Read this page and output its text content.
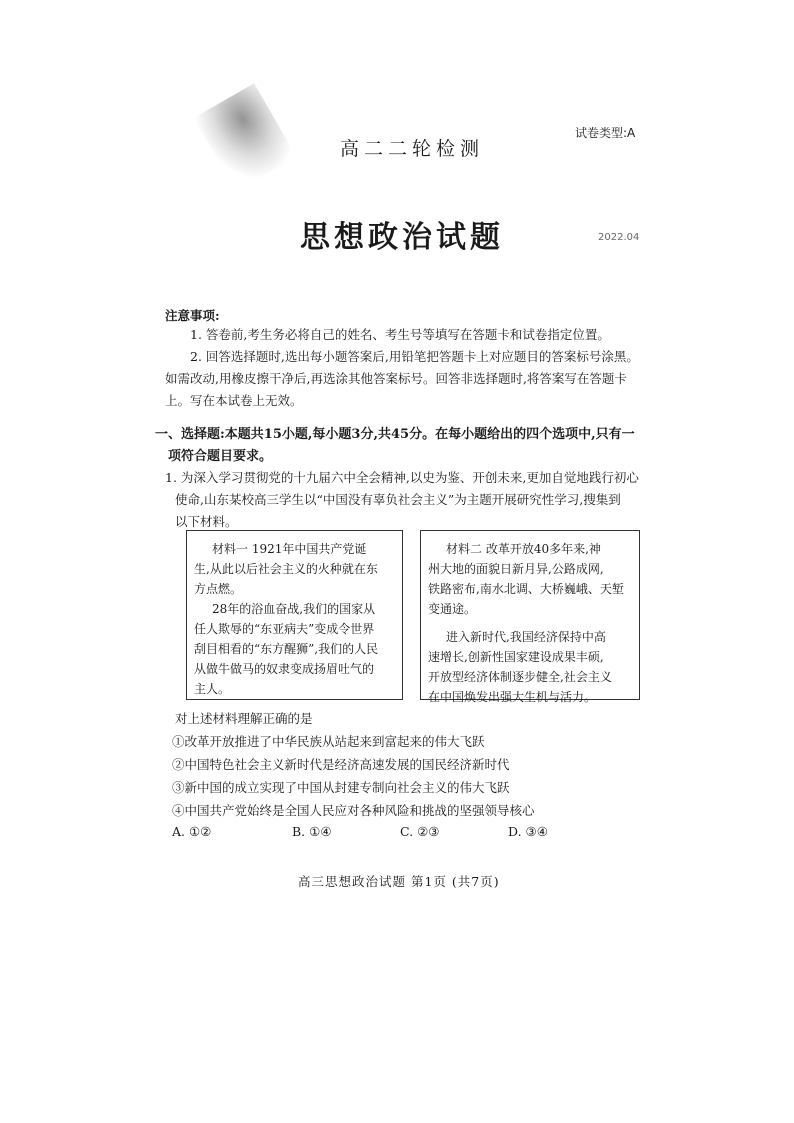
试卷类型:A
高二二轮检测
思想政治试题	2022.04
注意事项:
1. 答卷前,考生务必将自己的姓名、考生号等填写在答题卡和试卷指定位置。
2. 回答选择题时,选出每小题答案后,用铅笔把答题卡上对应题目的答案标号涂黑。
如需改动,用橡皮擦干净后,再选涂其他答案标号。回答非选择题时,将答案写在答题卡
上。写在本试卷上无效。
一、选择题:本题共15小题,每小题3分,共45分。在每小题给出的四个选项中,只有一
项符合题目要求。
1. 为深入学习贯彻党的十九届六中全会精神,以史为鉴、开创未来,更加自觉地践行初心
使命,山东某校高三学生以“中国没有辜负社会主义”为主题开展研究性学习,搜集到
以下材料。
材料一 1921年中国共产党诞
生,从此以后社会主义的火种就在东
方点燃。
28年的浴血奋战,我们的国家从
任人欺辱的“东亚病夫”变成令世界
刮目相看的“东方醒狮”,我们的人民
从做牛做马的奴隶变成扬眉吐气的
主人。
材料二 改革开放40多年来,神
州大地的面貌日新月异,公路成网,
铁路密布,南水北调、大桥巍峨、天堑
变通途。
进入新时代,我国经济保持中高
速增长,创新性国家建设成果丰硕,
开放型经济体制逐步健全,社会主义
在中国焕发出强大生机与活力。
对上述材料理解正确的是
①改革开放推进了中华民族从站起来到富起来的伟大飞跃
②中国特色社会主义新时代是经济高速发展的国民经济新时代
③新中国的成立实现了中国从封建专制向社会主义的伟大飞跃
④中国共产党始终是全国人民应对各种风险和挑战的坚强领导核心
A. ①②	B. ①④	C. ②③	D. ③④
高三思想政治试题 第1页 (共7页)
